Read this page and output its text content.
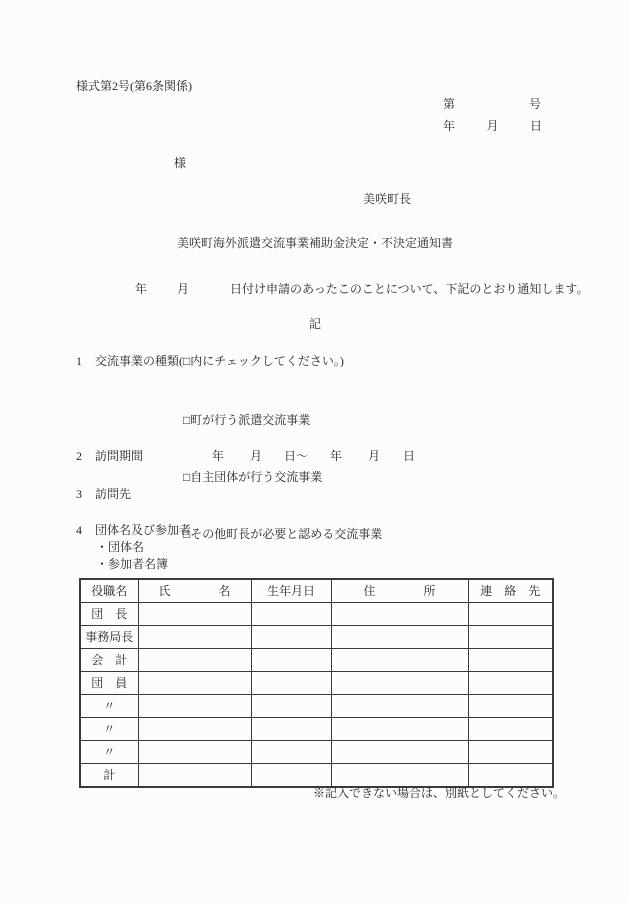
様式第2号(第6条関係)
第	号
年	月	日
様
美咲町長
美咲町海外派遣交流事業補助金決定・不決定通知書
年	月	日付け申請のあったこのことについて、下記のとおり通知します。
記
1	交流事業の種類(□内にチェックしてください。)

□町が行う派遣交流事業

□自主団体が行う交流事業

□その他町長が必要と認める交流事業

2	訪問期間	年 月 日～ 年 月 日
3	訪問先
4	団体名及び参加者
・団体名
・参加者名簿
役職名	氏　　　　名	生年月日	住　　　　所	連　絡　先
団　長				
事務局長				
会　計				
団　員				
〃				
〃				
〃				
計				
※記入できない場合は、別紙としてください。
